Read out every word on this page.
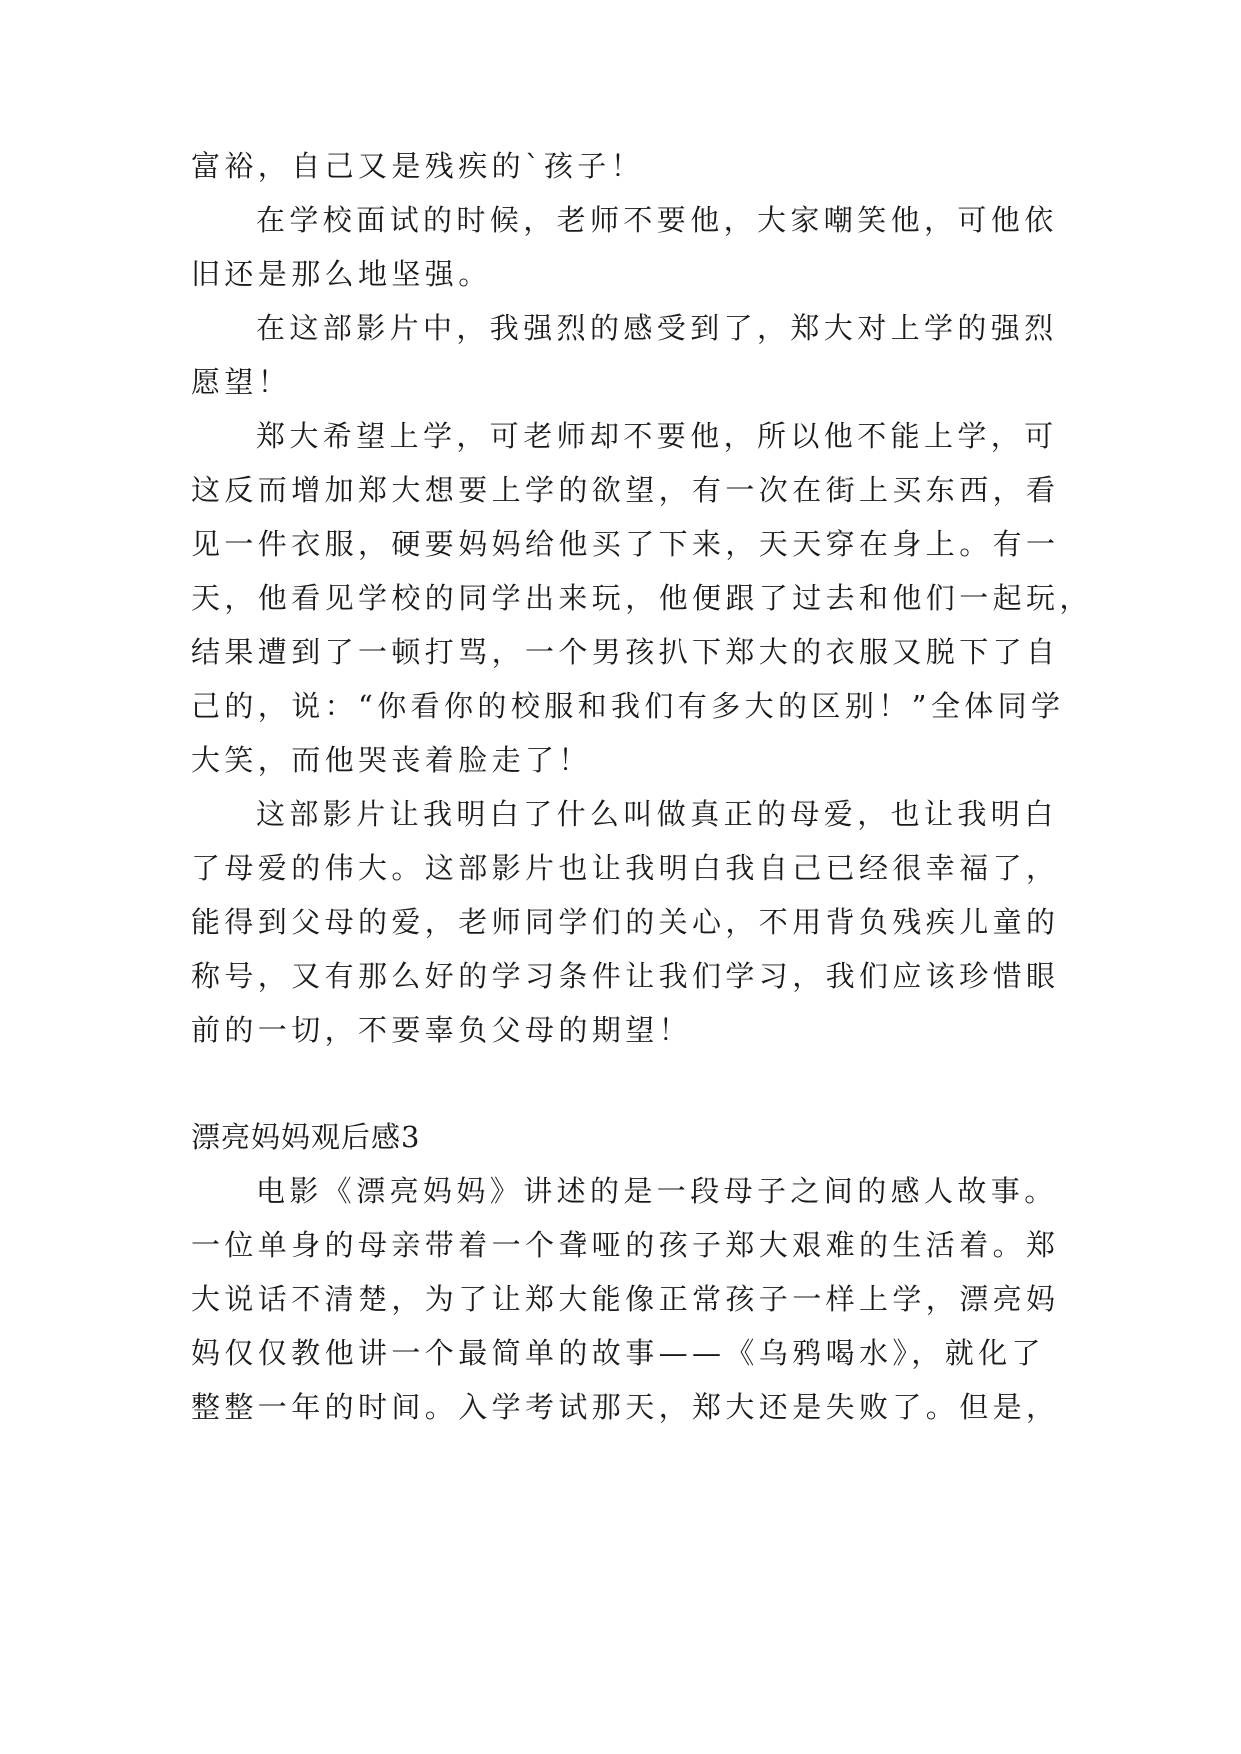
富裕，自己又是残疾的`孩子！

在学校面试的时候，老师不要他，大家嘲笑他，可他依

旧还是那么地坚强。

在这部影片中，我强烈的感受到了，郑大对上学的强烈

愿望！

郑大希望上学，可老师却不要他，所以他不能上学，可

这反而增加郑大想要上学的欲望，有一次在街上买东西，看

见一件衣服，硬要妈妈给他买了下来，天天穿在身上。有一

天，他看见学校的同学出来玩，他便跟了过去和他们一起玩，

结果遭到了一顿打骂，一个男孩扒下郑大的衣服又脱下了自

己的，说：“你看你的校服和我们有多大的区别！”全体同学

大笑，而他哭丧着脸走了！

这部影片让我明白了什么叫做真正的母爱，也让我明白

了母爱的伟大。这部影片也让我明白我自己已经很幸福了，

能得到父母的爱，老师同学们的关心，不用背负残疾儿童的

称号，又有那么好的学习条件让我们学习，我们应该珍惜眼

前的一切，不要辜负父母的期望！

漂亮妈妈观后感3

电影《漂亮妈妈》讲述的是一段母子之间的感人故事。

一位单身的母亲带着一个聋哑的孩子郑大艰难的生活着。郑

大说话不清楚，为了让郑大能像正常孩子一样上学，漂亮妈

妈仅仅教他讲一个最简单的故事——《乌鸦喝水》，就化了

整整一年的时间。入学考试那天，郑大还是失败了。但是，
